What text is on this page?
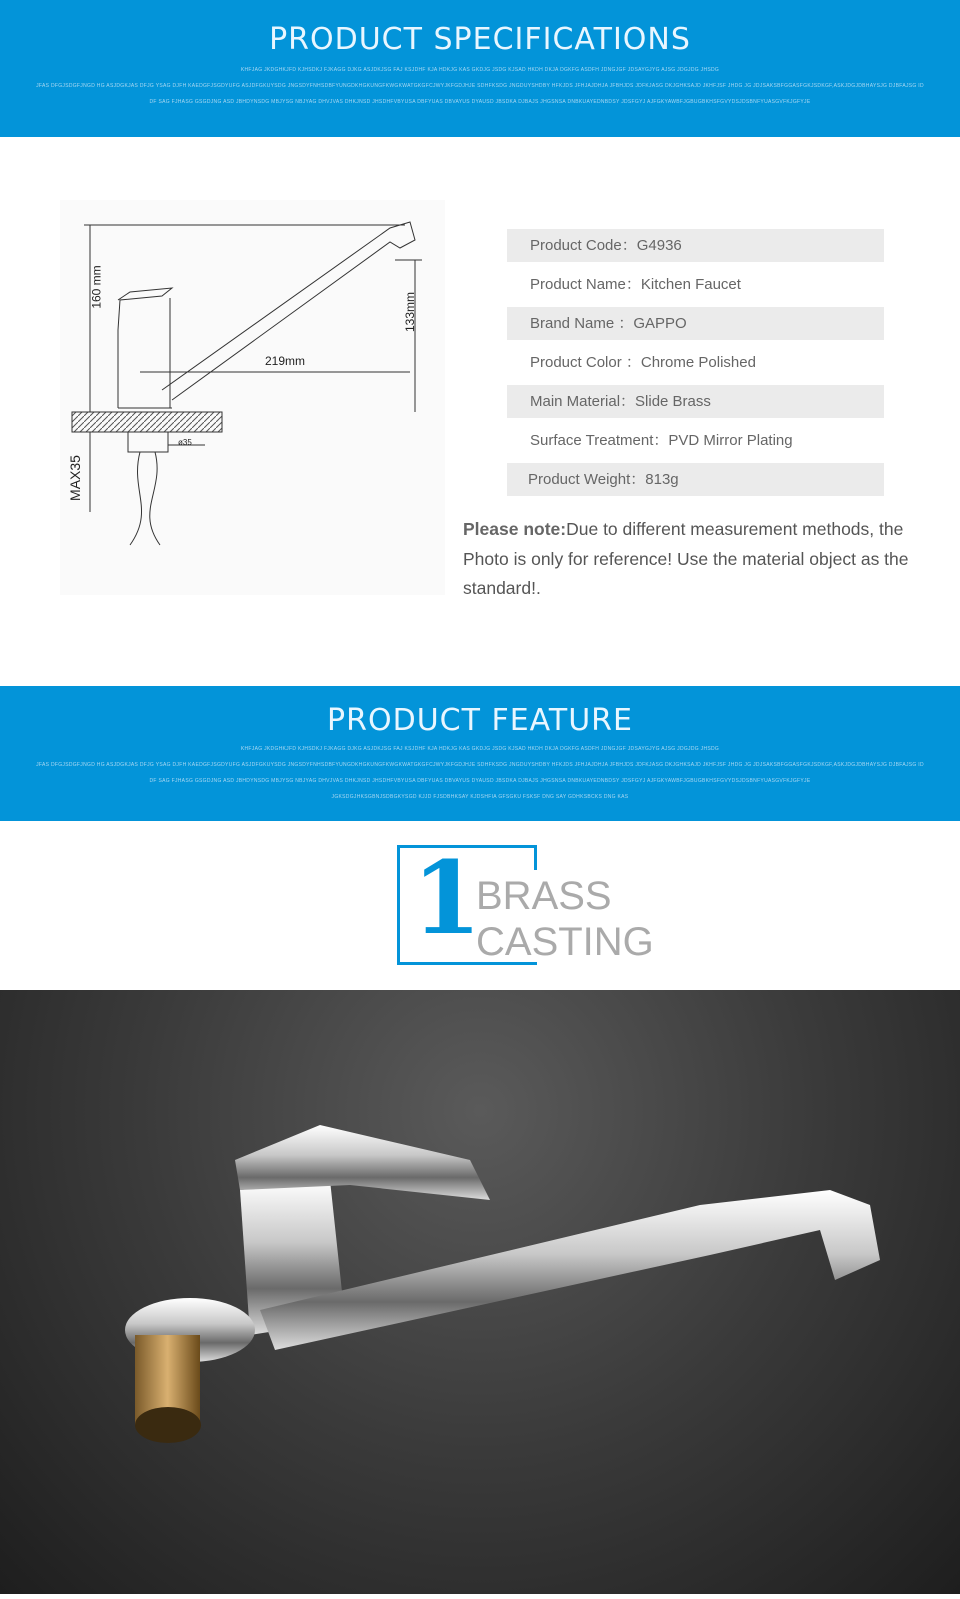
PRODUCT SPECIFICATIONS
KHFJAG JKDGHKJFD KJHSDKJ FJKAGG DJKG ASJDKJSG FAJ KSJDHF KJA HDKJG KAS GKDJG JSDG KJSAD HKDH DKJA DGKFG ASDFH JDNGJGF JDSAYGJYG AJSG JDGJDG JHSDG
JFAS DFGJSDGFJNGD HG ASJDGKJAS DFJG YSAG DJFH KAEDGFJSGDYUFG ASJDFGKUYSDG JNGSDYFNHSDBFYUNGDKHGKUNGFKWGKWATGKGFCJWYJKFGDJHJE SDHFKSDG JNGDUYSHDBY HFKJDS JFHJAJDHJA JFBHJDS JDFKJASG DKJGHKSAJD JKHFJSF JHDG JG JDJSAKSBFGGASFGKJSDKGF,ASKJDGJDBHAYSJG DJBFAJSG ID
DF SAG FJHASG GSGDJNG ASD JBHDYNSDG MBJYSG NBJYAG DHVJVAS DHKJNSD JHSDHFVBYUSA DBFYUAS DBVAYUS DYAUSD JBSDKA DJBAJS JHGSNSA DNBKUAYEDNBDSY JDSFGYJ AJFGKYAWBFJGBUGBKHSFGVYDSJDSBNFYUASGVFKJGFYJE
160 mm
133mm
219mm
ø35
MAX35
Product Code：G4936
Product Name：Kitchen Faucet
Brand Name ：GAPPO
Product Color ：Chrome Polished
Main Material：Slide Brass
Surface Treatment：PVD Mirror Plating
Product Weight：813g
Please note:Due to different measurement methods, the Photo is only for reference! Use the material object as the standard!.
PRODUCT FEATURE
KHFJAG JKDGHKJFD KJHSDKJ FJKAGG DJKG ASJDKJSG FAJ KSJDHF KJA HDKJG KAS GKDJG JSDG KJSAD HKDH DKJA DGKFG ASDFH JDNGJGF JDSAYGJYG AJSG JDGJDG JHSDG
JFAS DFGJSDGFJNGD HG ASJDGKJAS DFJG YSAG DJFH KAEDGFJSGDYUFG ASJDFGKUYSDG JNGSDYFNHSDBFYUNGDKHGKUNGFKWGKWATGKGFCJWYJKFGDJHJE SDHFKSDG JNGDUYSHDBY HFKJDS JFHJAJDHJA JFBHJDS JDFKJASG DKJGHKSAJD JKHFJSF JHDG JG JDJSAKSBFGGASFGKJSDKGF,ASKJDGJDBHAYSJG DJBFAJSG ID
DF SAG FJHASG GSGDJNG ASD JBHDYNSDG MBJYSG NBJYAG DHVJVAS DHKJNSD JHSDHFVBYUSA DBFYUAS DBVAYUS DYAUSD JBSDKA DJBAJS JHGSNSA DNBKUAYEDNBDSY JDSFGYJ AJFGKYAWBFJGBUGBKHSFGVYDSJDSBNFYUASGVFKJGFYJE
JGKSDGJHKSGBNJSDBGKYSGD KJJD FJSDBHKSAY KJDSHFIA GFSGKU FSKSF DNG SAY GDHKSBCKS DNG KAS
1
BRASS
CASTING
